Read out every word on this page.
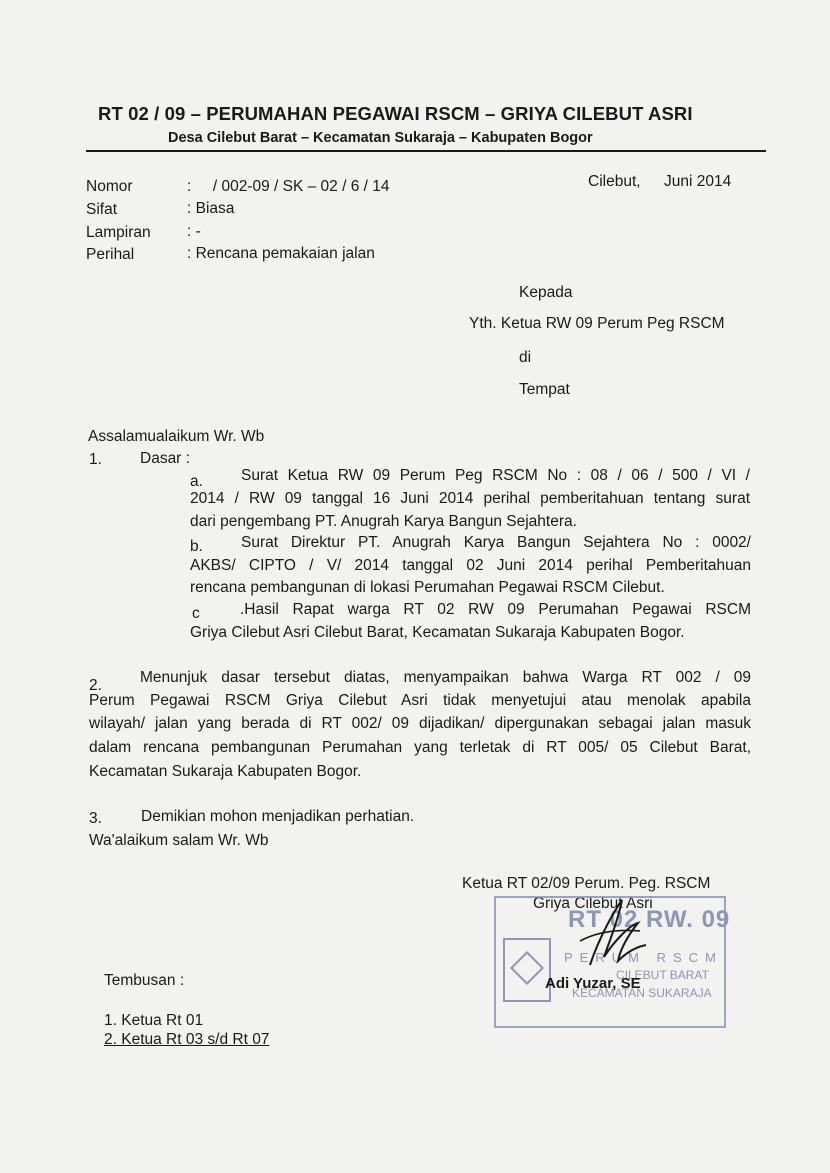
RT 02 / 09 – PERUMAHAN PEGAWAI RSCM – GRIYA CILEBUT ASRI
Desa Cilebut Barat – Kecamatan Sukaraja – Kabupaten Bogor
Nomor	:     / 002-09 / SK – 02 / 6 / 14
Sifat	: Biasa
Lampiran : -
Perihal	: Rencana pemakaian jalan
Cilebut, Juni 2014
Kepada
Yth. Ketua RW 09 Perum Peg RSCM
di
Tempat
Assalamualaikum Wr. Wb
1. Dasar :
a. Surat Ketua RW 09 Perum Peg RSCM No : 08 / 06 / 500 / VI /
2014 / RW 09 tanggal 16 Juni 2014 perihal pemberitahuan tentang surat
dari pengembang PT. Anugrah Karya Bangun Sejahtera.
b. Surat Direktur PT. Anugrah Karya Bangun Sejahtera No : 0002/
AKBS/ CIPTO / V/ 2014 tanggal 02 Juni 2014 perihal Pemberitahuan
rencana pembangunan di lokasi Perumahan Pegawai RSCM Cilebut.
c	.Hasil Rapat warga RT 02 RW 09 Perumahan Pegawai RSCM
Griya Cilebut Asri Cilebut Barat, Kecamatan Sukaraja Kabupaten Bogor.
2. Menunjuk dasar tersebut diatas, menyampaikan bahwa Warga RT 002 / 09
Perum Pegawai RSCM Griya Cilebut Asri tidak menyetujui atau menolak apabila
wilayah/ jalan yang berada di RT 002/ 09 dijadikan/ dipergunakan sebagai jalan masuk
dalam rencana pembangunan Perumahan yang terletak di RT 005/ 05 Cilebut Barat,
Kecamatan Sukaraja Kabupaten Bogor.
3.	Demikian mohon menjadikan perhatian.
Wa'alaikum salam Wr. Wb
Ketua RT 02/09 Perum. Peg. RSCM
Griya Cilebut Asri
RT 02 RW. 09
PERUM RSCM
CILEBUT BARAT
KECAMATAN SUKARAJA
Adi Yuzar, SE
Tembusan :
1. Ketua Rt 01
2. Ketua Rt 03 s/d Rt 07
